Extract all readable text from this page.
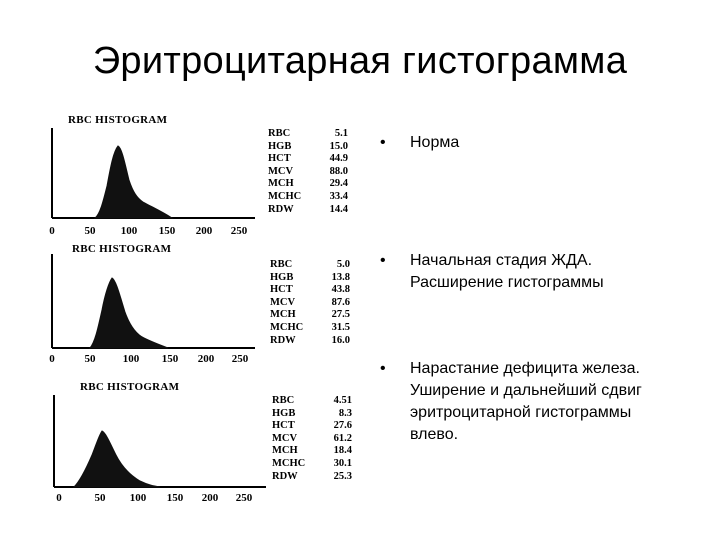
Эритроцитарная гистограмма
RBC HISTOGRAM
0	50 100 150 200 250
RBC	5.1
HGB	15.0
HCT	44.9
MCV	88.0
MCH	29.4
MCHC	33.4
RDW	14.4
RBC HISTOGRAM
0	50 100 150 200 250
RBC	5.0
HGB	13.8
HCT	43.8
MCV	87.6
MCH	27.5
MCHC	31.5
RDW	16.0
RBC HISTOGRAM
0	50 100 150 200 250
RBC	4.51
HGB	8.3
HCT	27.6
MCV	61.2
MCH	18.4
MCHC	30.1
RDW	25.3
•	Норма
•	Начальная стадия ЖДА. Расширение гистограммы
•	Нарастание дефицита железа. Уширение и дальнейший сдвиг эритроцитарной гистограммы влево.
